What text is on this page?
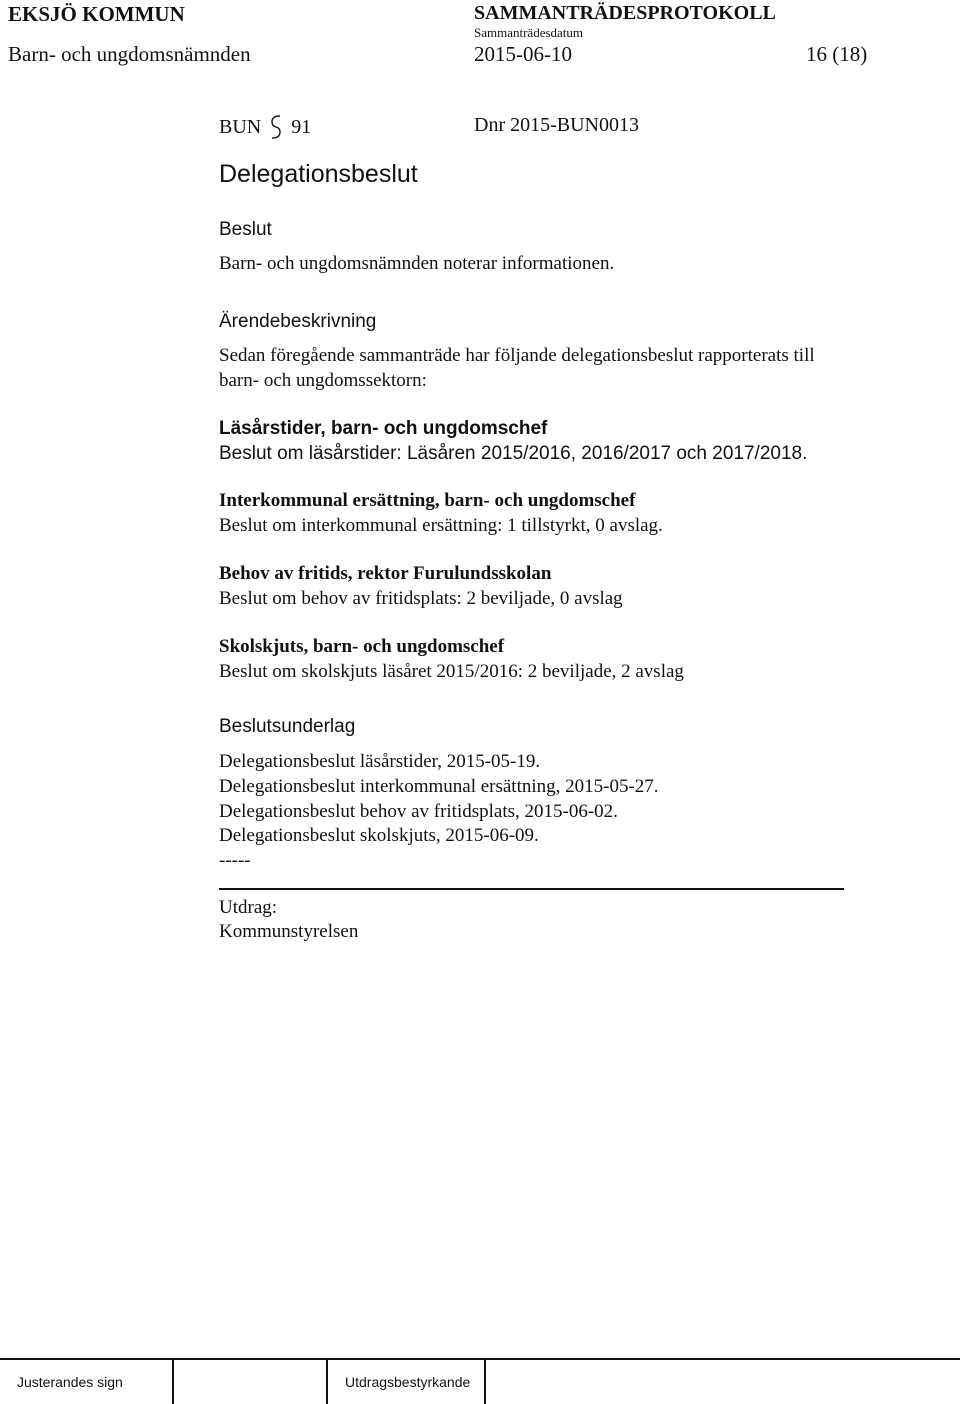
EKSJÖ KOMMUN	SAMMANTRÄDESPROTOKOLL
Sammanträdesdatum
Barn- och ungdomsnämnden	2015-06-10	16 (18)
BUN 91	Dnr 2015-BUN0013
Delegationsbeslut
Beslut
Barn- och ungdomsnämnden noterar informationen.
Ärendebeskrivning
Sedan föregående sammanträde har följande delegationsbeslut rapporterats till
barn- och ungdomssektorn:
Läsårstider, barn- och ungdomschef
Beslut om läsårstider: Läsåren 2015/2016, 2016/2017 och 2017/2018.
Interkommunal ersättning, barn- och ungdomschef
Beslut om interkommunal ersättning: 1 tillstyrkt, 0 avslag.
Behov av fritids, rektor Furulundsskolan
Beslut om behov av fritidsplats: 2 beviljade, 0 avslag
Skolskjuts, barn- och ungdomschef
Beslut om skolskjuts läsåret 2015/2016: 2 beviljade, 2 avslag
Beslutsunderlag
Delegationsbeslut läsårstider, 2015-05-19.
Delegationsbeslut interkommunal ersättning, 2015-05-27.
Delegationsbeslut behov av fritidsplats, 2015-06-02.
Delegationsbeslut skolskjuts, 2015-06-09.
-----
Utdrag:
Kommunstyrelsen
Justerandes sign	Utdragsbestyrkande
